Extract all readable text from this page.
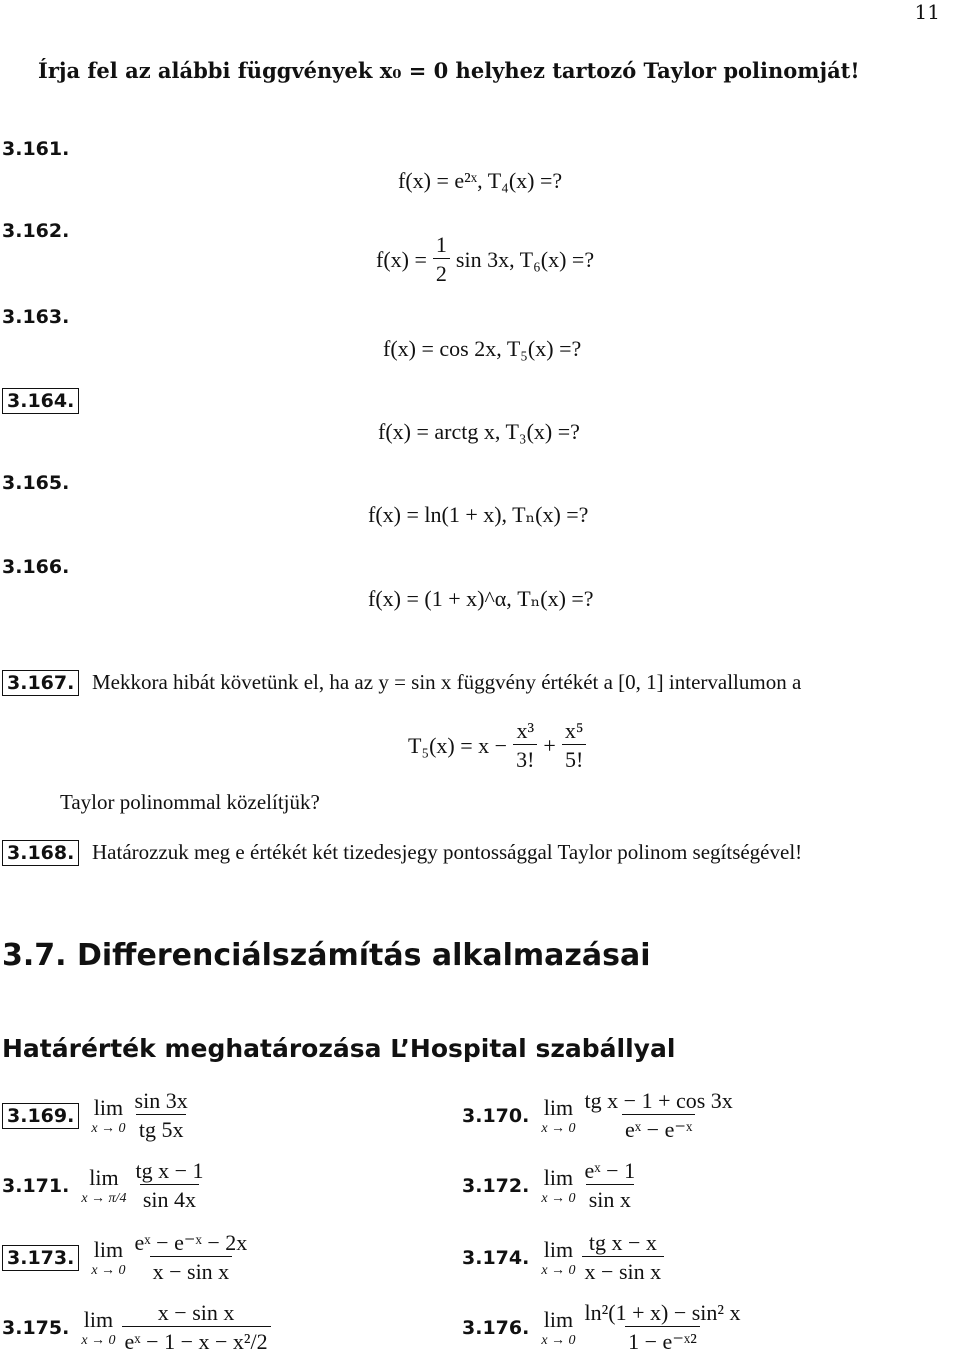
11
Írja fel az alábbi függvények x₀ = 0 helyhez tartozó Taylor polinomját!
3.161.
f(x) = e²ˣ, T₄(x) =?
3.162.
$f(x) = \frac{1}{2}$ sin 3x, T₆(x) =?
3.163.
f(x) = cos 2x, T₅(x) =?
3.164.
f(x) = arctg x, T₃(x) =?
3.165.
f(x) = ln(1 + x), Tₙ(x) =?
3.166.
f(x) = (1 + x)^α, Tₙ(x) =?
3.167. Mekkora hibát követünk el, ha az y = sin x függvény értékét a [0, 1] intervallumon a
$T_5(x) = x - \frac{\text{x³}}{3!} + \frac{\text{x⁵}}{5!}$
Taylor polinommal közelítjük?
3.168. Határozzuk meg e értékét két tizedesjegy pontossággal Taylor polinom segítségével!
3.7. Differenciálszámítás alkalmazásai
Határérték meghatározása L’Hospital szabállyal
3.169. lim
$x \to 0 \frac{\sin 3x}{tg 5x}$
3.171. lim
$x \to \pi/4 \frac{\text{tg x − 1}}{\sin 4x}$
3.173. lim
$x \to 0 \frac{\text{eˣ − e⁻ˣ − 2x}}{\text{x − sin x}}$
3.175. lim
$x \to 0 \frac{\text{x − sin x}}{\text{eˣ − 1 − x − x²/2}}$
3.170. lim
$x \to 0 \frac{\text{tg x − 1 + cos 3x}}{\text{eˣ − e⁻ˣ}}$
3.172. lim
$x \to 0 \frac{\text{eˣ − 1}}{\text{sin x}}$
3.174. lim
$x \to 0 \frac{\text{tg x − x}}{\text{x − sin x}}$
3.176. lim
$x \to 0 \frac{\text{ln²(1 + x) − sin² x}}{\text{1 − e⁻ˣ²}}$
